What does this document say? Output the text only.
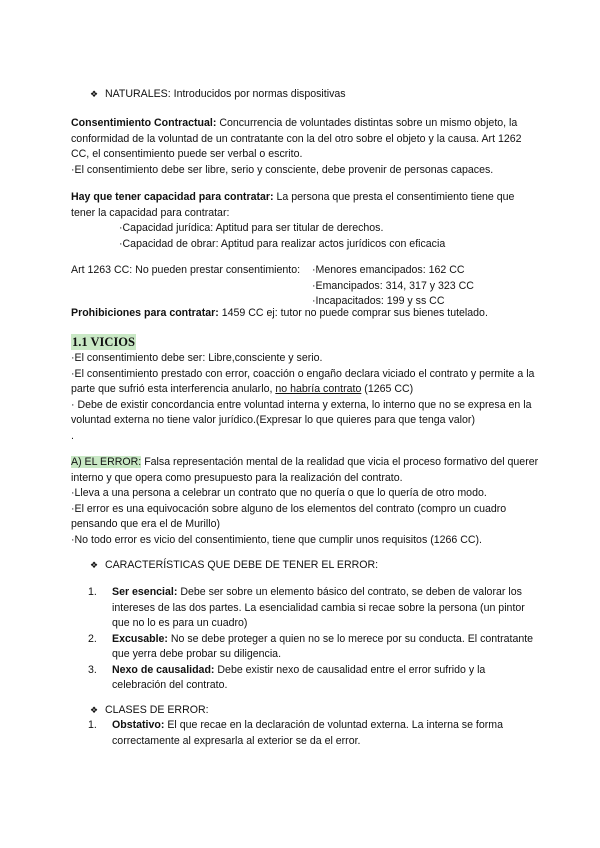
❖ NATURALES: Introducidos por normas dispositivas

Consentimiento Contractual: Concurrencia de voluntades distintas sobre un mismo objeto, la conformidad de la voluntad de un contratante con la del otro sobre el objeto y la causa. Art 1262 CC, el consentimiento puede ser verbal o escrito.

·El consentimiento debe ser libre, serio y consciente, debe provenir de personas capaces.

Hay que tener capacidad para contratar: La persona que presta el consentimiento tiene que tener la capacidad para contratar:

·Capacidad jurídica: Aptitud para ser titular de derechos.

·Capacidad de obrar: Aptitud para realizar actos jurídicos con eficacia

Art 1263 CC: No pueden prestar consentimiento:	·Menores emancipados: 162 CC

·Emancipados: 314, 317 y 323 CC

·Incapacitados: 199 y ss CC

Prohibiciones para contratar: 1459 CC ej: tutor no puede comprar sus bienes tutelado.

1.1 VICIOS

·El consentimiento debe ser: Libre,consciente y serio.

·El consentimiento prestado con error, coacción o engaño declara viciado el contrato y permite a la parte que sufrió esta interferencia anularlo, no habría contrato (1265 CC)

· Debe de existir concordancia entre voluntad interna y externa, lo interno que no se expresa en la voluntad externa no tiene valor jurídico.(Expresar lo que quieres para que tenga valor)

.

A) EL ERROR: Falsa representación mental de la realidad que vicia el proceso formativo del querer interno y que opera como presupuesto para la realización del contrato.

·Lleva a una persona a celebrar un contrato que no quería o que lo quería de otro modo.

·El error es una equivocación sobre alguno de los elementos del contrato (compro un cuadro pensando que era el de Murillo)

·No todo error es vicio del consentimiento, tiene que cumplir unos requisitos (1266 CC).

❖ CARACTERÍSTICAS QUE DEBE DE TENER EL ERROR:
1. Ser esencial: Debe ser sobre un elemento básico del contrato, se deben de valorar los intereses de las dos partes. La esencialidad cambia si recae sobre la persona (un pintor que no lo es para un cuadro)
2. Excusable: No se debe proteger a quien no se lo merece por su conducta. El contratante que yerra debe probar su diligencia.
3. Nexo de causalidad: Debe existir nexo de causalidad entre el error sufrido y la celebración del contrato.
❖ CLASES DE ERROR:
1. Obstativo: El que recae en la declaración de voluntad externa. La interna se forma correctamente al expresarla al exterior se da el error.
